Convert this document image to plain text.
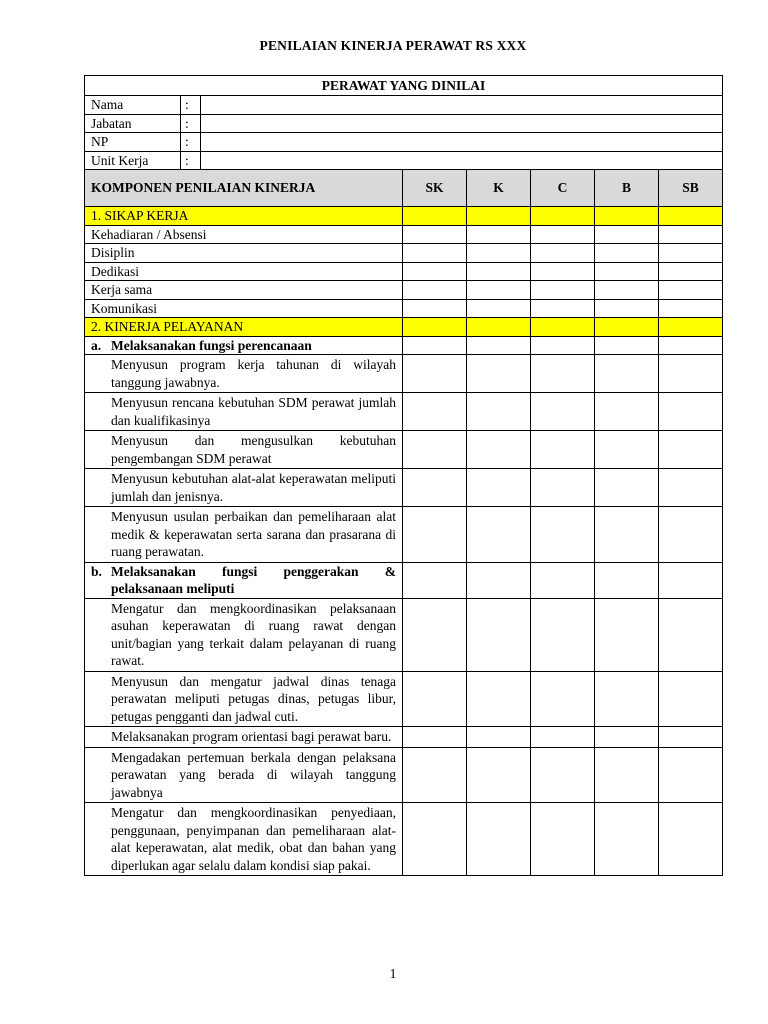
PENILAIAN KINERJA PERAWAT RS XXX
PERAWAT YANG DINILAI							
Nama	:						
Jabatan	:						
NP	:						
Unit Kerja	:						
KOMPONEN PENILAIAN KINERJA			SK	K	C	B	SB
1. SIKAP KERJA							
Kehadiaran / Absensi							
Disiplin							
Dedikasi							
Kerja sama							
Komunikasi							
2. KINERJA PELAYANAN							
a. Melaksanakan fungsi perencanaan							
Menyusun program kerja tahunan di wilayah tanggung jawabnya.							
Menyusun rencana kebutuhan SDM perawat jumlah dan kualifikasinya							
Menyusun dan mengusulkan kebutuhan pengembangan SDM perawat							
Menyusun kebutuhan alat-alat keperawatan meliputi jumlah dan jenisnya.							
Menyusun usulan perbaikan dan pemeliharaan alat medik & keperawatan serta sarana dan prasarana di ruang perawatan.							

b. Melaksanakan fungsi penggerakan & pelaksanaan meliputi							

Mengatur dan mengkoordinasikan pelaksanaan asuhan keperawatan di ruang rawat dengan unit/bagian yang terkait dalam pelayanan di ruang rawat.							
Menyusun dan mengatur jadwal dinas tenaga perawatan meliputi petugas dinas, petugas libur, petugas pengganti dan jadwal cuti.							
Melaksanakan program orientasi bagi perawat baru.							
Mengadakan pertemuan berkala dengan pelaksana perawatan yang berada di wilayah tanggung jawabnya							
Mengatur dan mengkoordinasikan penyediaan, penggunaan, penyimpanan dan pemeliharaan alat-alat keperawatan, alat medik, obat dan bahan yang diperlukan agar selalu dalam kondisi siap pakai.							
1
